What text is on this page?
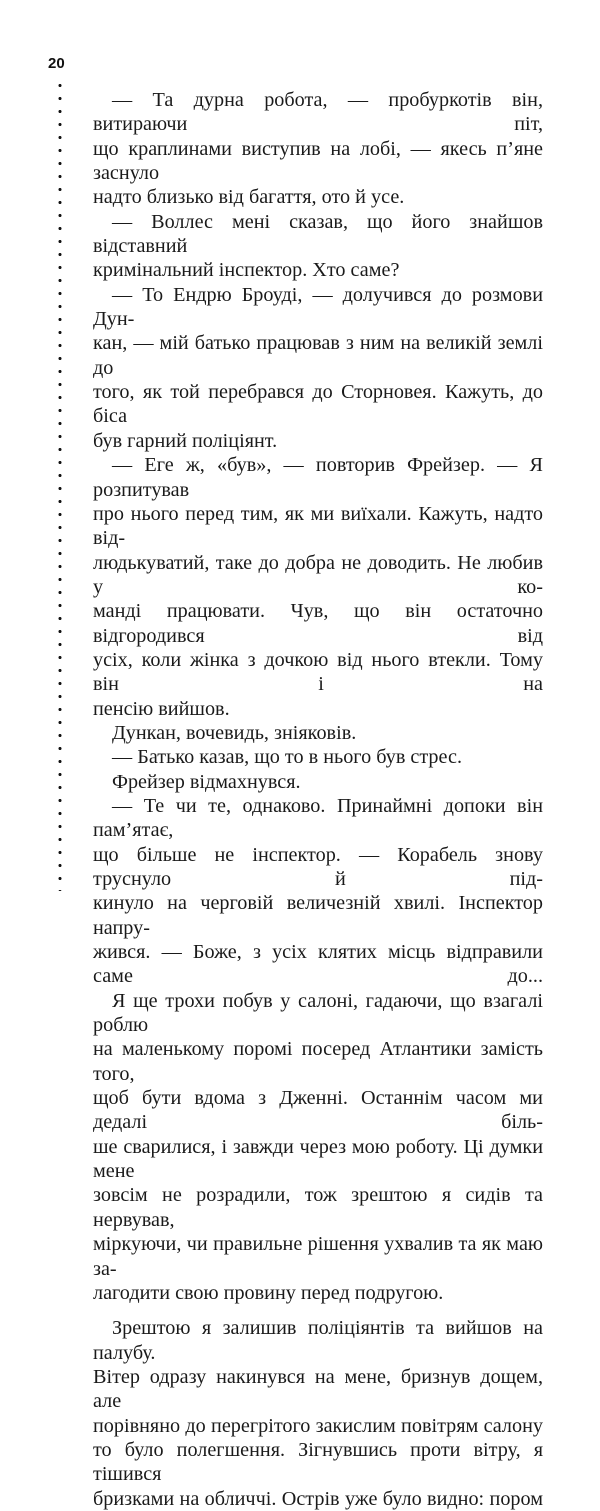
20

— Та дурна робота, — пробуркотів він, витираючи піт,

що краплинами виступив на лобі, — якесь п’яне заснуло

надто близько від багаття, ото й усе.

— Воллес мені сказав, що його знайшов відставний

кримінальний інспектор. Хто саме?

— То Ендрю Броуді, — долучився до розмови Дун-

кан, — мій батько працював з ним на великій землі до

того, як той перебрався до Сторновея. Кажуть, до біса

був гарний поліціянт.

— Еге ж, «був», — повторив Фрейзер. — Я розпитував

про нього перед тим, як ми виїхали. Кажуть, надто від-

людькуватий, таке до добра не доводить. Не любив у ко-

манді працювати. Чув, що він остаточно відгородився від

усіх, коли жінка з дочкою від нього втекли. Тому він і на

пенсію вийшов.

Дункан, вочевидь, зніяковів.

— Батько казав, що то в нього був стрес.

Фрейзер відмахнувся.

— Те чи те, однаково. Принаймні допоки він пам’ятає,

що більше не інспектор. — Корабель знову труснуло й під-

кинуло на черговій величезній хвилі. Інспектор напру-

жився. — Боже, з усіх клятих місць відправили саме до...

Я ще трохи побув у салоні, гадаючи, що взагалі роблю

на маленькому поромі посеред Атлантики замість того,

щоб бути вдома з Дженні. Останнім часом ми дедалі біль-

ше сварилися, і завжди через мою роботу. Ці думки мене

зовсім не розрадили, тож зрештою я сидів та нервував,

міркуючи, чи правильне рішення ухвалив та як маю за-

лагодити свою провину перед подругою.

Зрештою я залишив поліціянтів та вийшов на палубу.

Вітер одразу накинувся на мене, бризнув дощем, але

порівняно до перегрітого закислим повітрям салону

то було полегшення. Зігнувшись проти вітру, я тішився

бризками на обличчі. Острів уже було видно: пором
